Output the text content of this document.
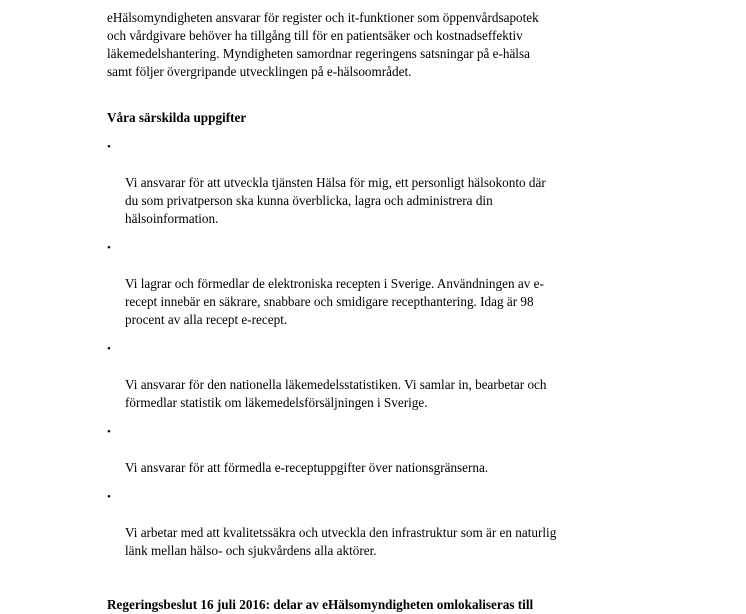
eHälsomyndigheten ansvarar för register och it-funktioner som öppenvårdsapotek
och vårdgivare behöver ha tillgång till för en patientsäker och kostnadseffektiv
läkemedelshantering. Myndigheten samordnar regeringens satsningar på e-hälsa
samt följer övergripande utvecklingen på e-hälsoområdet.

Våra särskilda uppgifter

•

Vi ansvarar för att utveckla tjänsten Hälsa för mig, ett personligt hälsokonto där
du som privatperson ska kunna överblicka, lagra och administrera din
hälsoinformation.

•

Vi lagrar och förmedlar de elektroniska recepten i Sverige. Användningen av e-
recept innebär en säkrare, snabbare och smidigare recepthantering. Idag är 98
procent av alla recept e-recept.

•

Vi ansvarar för den nationella läkemedelsstatistiken. Vi samlar in, bearbetar och
förmedlar statistik om läkemedelsförsäljningen i Sverige.

•

Vi ansvarar för att förmedla e-receptuppgifter över nationsgränserna.

•

Vi arbetar med att kvalitetssäkra och utveckla den infrastruktur som är en naturlig
länk mellan hälso- och sjukvårdens alla aktörer.

Regeringsbeslut 16 juli 2016: delar av eHälsomyndigheten omlokaliseras till
